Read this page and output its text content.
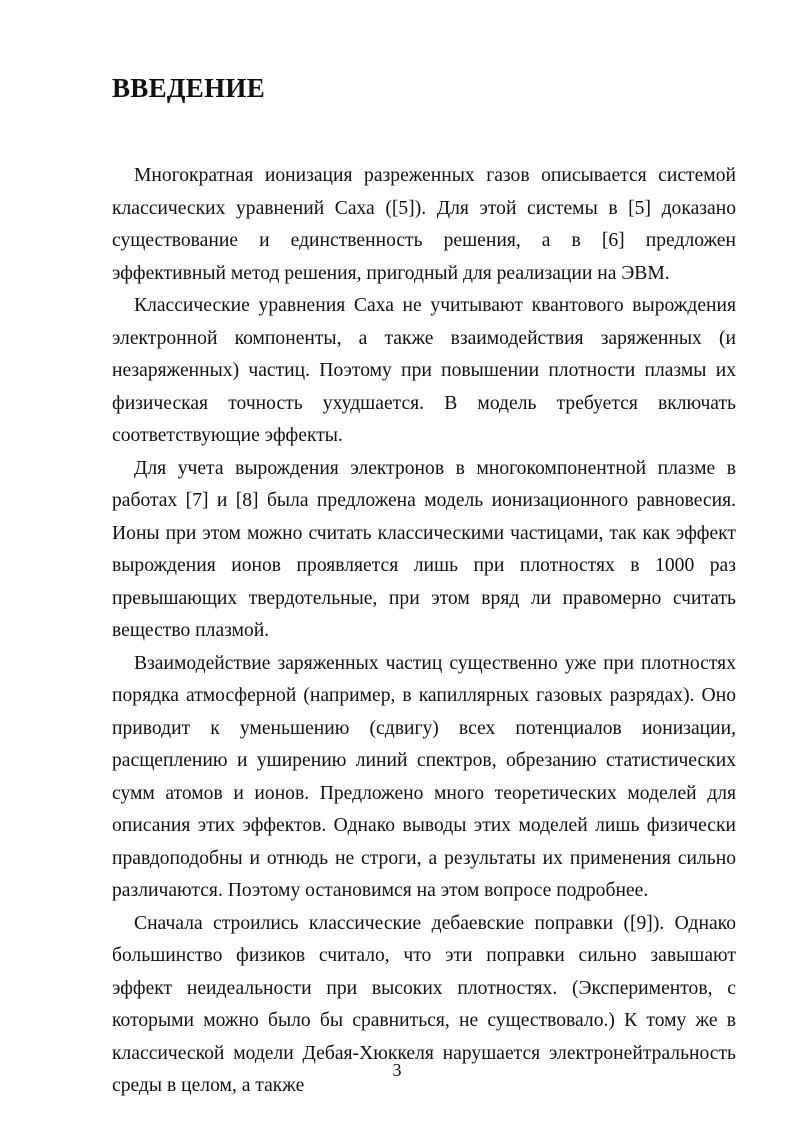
ВВЕДЕНИЕ

Многократная ионизация разреженных газов описывается системой классических уравнений Саха ([5]). Для этой системы в [5] доказано существование и единственность решения, а в [6] предложен эффективный метод решения, пригодный для реализации на ЭВМ.

Классические уравнения Саха не учитывают квантового вырождения электронной компоненты, а также взаимодействия заряженных (и незаряженных) частиц. Поэтому при повышении плотности плазмы их физическая точность ухудшается. В модель требуется включать соответствующие эффекты.

Для учета вырождения электронов в многокомпонентной плазме в работах [7] и [8] была предложена модель ионизационного равновесия. Ионы при этом можно считать классическими частицами, так как эффект вырождения ионов проявляется лишь при плотностях в 1000 раз превышающих твердотельные, при этом вряд ли правомерно считать вещество плазмой.

Взаимодействие заряженных частиц существенно уже при плотностях порядка атмосферной (например, в капиллярных газовых разрядах). Оно приводит к уменьшению (сдвигу) всех потенциалов ионизации, расщеплению и уширению линий спектров, обрезанию статистических сумм атомов и ионов. Предложено много теоретических моделей для описания этих эффектов. Однако выводы этих моделей лишь физически правдоподобны и отнюдь не строги, а результаты их применения сильно различаются. Поэтому остановимся на этом вопросе подробнее.

Сначала строились классические дебаевские поправки ([9]). Однако большинство физиков считало, что эти поправки сильно завышают эффект неидеальности при высоких плотностях. (Экспериментов, с которыми можно было бы сравниться, не существовало.) К тому же в классической модели Дебая-Хюккеля нарушается электронейтральность среды в целом, а также

3
